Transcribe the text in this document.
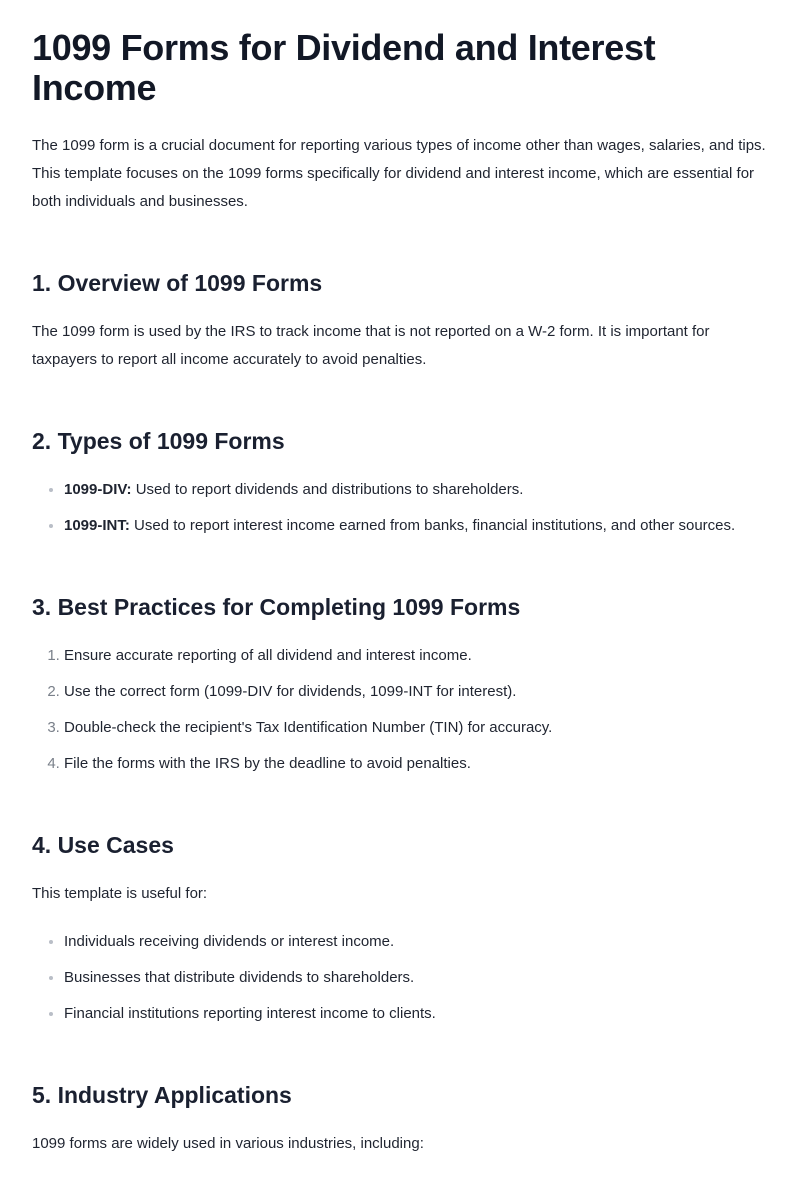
1099 Forms for Dividend and Interest Income

The 1099 form is a crucial document for reporting various types of income other than wages, salaries, and tips. This template focuses on the 1099 forms specifically for dividend and interest income, which are essential for both individuals and businesses.

1. Overview of 1099 Forms

The 1099 form is used by the IRS to track income that is not reported on a W-2 form. It is important for taxpayers to report all income accurately to avoid penalties.

2. Types of 1099 Forms
• 1099-DIV: Used to report dividends and distributions to shareholders.
• 1099-INT: Used to report interest income earned from banks, financial institutions, and other sources.
3. Best Practices for Completing 1099 Forms
1. Ensure accurate reporting of all dividend and interest income.
2. Use the correct form (1099-DIV for dividends, 1099-INT for interest).
3. Double-check the recipient's Tax Identification Number (TIN) for accuracy.
4. File the forms with the IRS by the deadline to avoid penalties.
4. Use Cases

This template is useful for:

• Individuals receiving dividends or interest income.
• Businesses that distribute dividends to shareholders.
• Financial institutions reporting interest income to clients.
5. Industry Applications

1099 forms are widely used in various industries, including:
